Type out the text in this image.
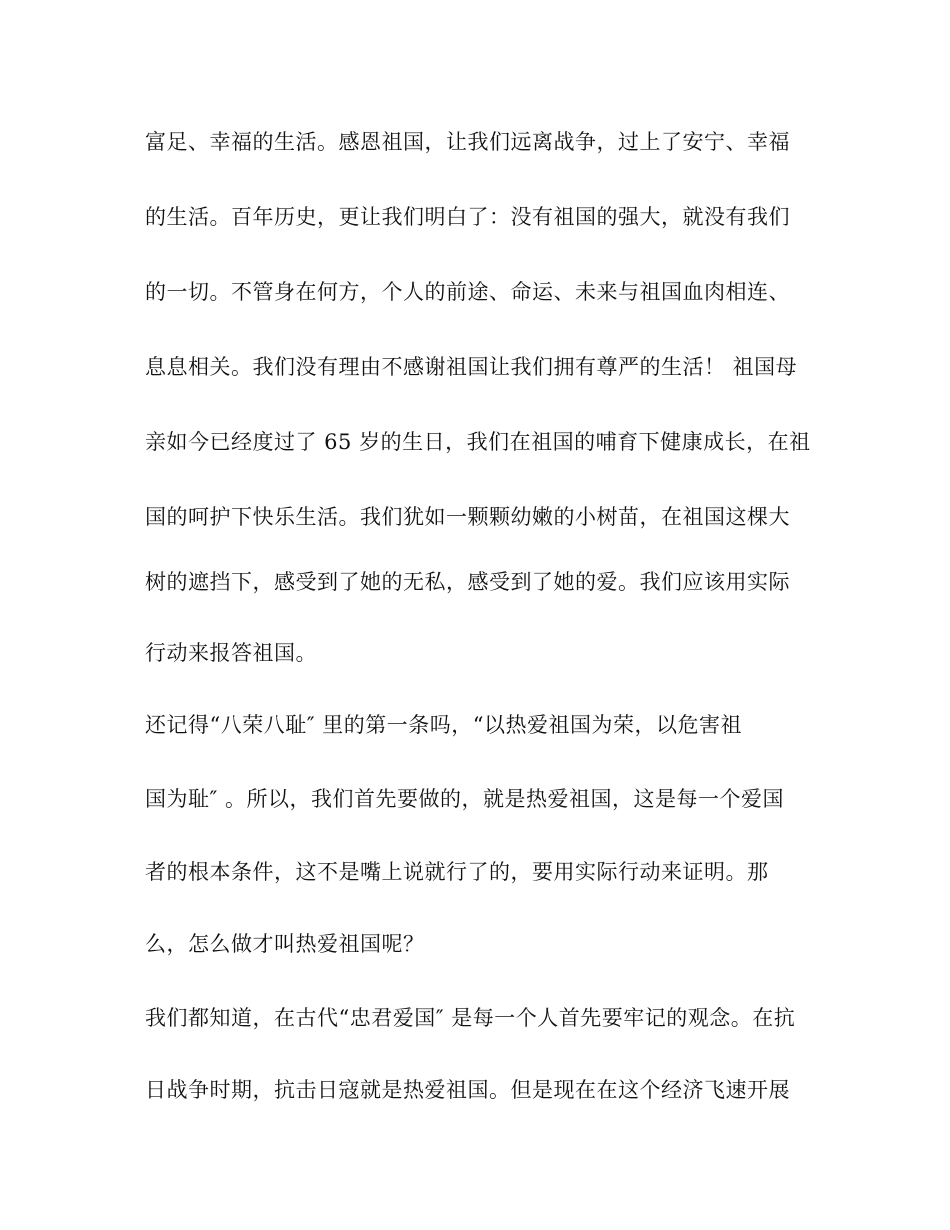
富足、幸福的生活。感恩祖国，让我们远离战争，过上了安宁、幸福
的生活。百年历史，更让我们明白了：没有祖国的强大，就没有我们
的一切。不管身在何方，个人的前途、命运、未来与祖国血肉相连、
息息相关。我们没有理由不感谢祖国让我们拥有尊严的生活！ 祖国母
亲如今已经度过了 65 岁的生日，我们在祖国的哺育下健康成长，在祖
国的呵护下快乐生活。我们犹如一颗颗幼嫩的小树苗，在祖国这棵大
树的遮挡下，感受到了她的无私，感受到了她的爱。我们应该用实际
行动来报答祖国。
还记得“八荣八耻″ 里的第一条吗，“以热爱祖国为荣，以危害祖
国为耻″ 。所以，我们首先要做的，就是热爱祖国，这是每一个爱国
者的根本条件，这不是嘴上说就行了的，要用实际行动来证明。那
么，怎么做才叫热爱祖国呢？
我们都知道，在古代“忠君爱国″ 是每一个人首先要牢记的观念。在抗
日战争时期，抗击日寇就是热爱祖国。但是现在在这个经济飞速开展
